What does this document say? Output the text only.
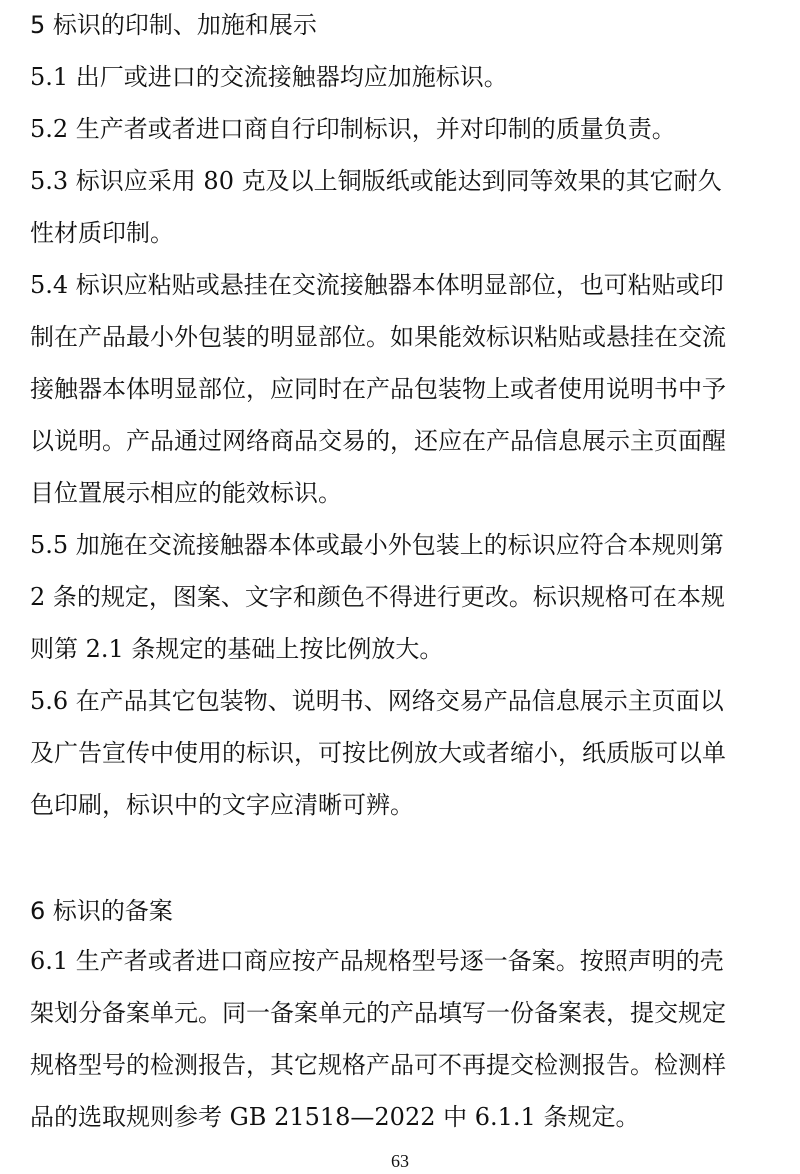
5 标识的印制、加施和展示
5.1 出厂或进口的交流接触器均应加施标识。
5.2 生产者或者进口商自行印制标识，并对印制的质量负责。
5.3 标识应采用 80 克及以上铜版纸或能达到同等效果的其它耐久
性材质印制。
5.4 标识应粘贴或悬挂在交流接触器本体明显部位，也可粘贴或印
制在产品最小外包装的明显部位。如果能效标识粘贴或悬挂在交流
接触器本体明显部位，应同时在产品包装物上或者使用说明书中予
以说明。产品通过网络商品交易的，还应在产品信息展示主页面醒
目位置展示相应的能效标识。
5.5 加施在交流接触器本体或最小外包装上的标识应符合本规则第
2 条的规定，图案、文字和颜色不得进行更改。标识规格可在本规
则第 2.1 条规定的基础上按比例放大。
5.6 在产品其它包装物、说明书、网络交易产品信息展示主页面以
及广告宣传中使用的标识，可按比例放大或者缩小，纸质版可以单
色印刷，标识中的文字应清晰可辨。
6 标识的备案
6.1 生产者或者进口商应按产品规格型号逐一备案。按照声明的壳
架划分备案单元。同一备案单元的产品填写一份备案表，提交规定
规格型号的检测报告，其它规格产品可不再提交检测报告。检测样
品的选取规则参考 GB 21518—2022 中 6.1.1 条规定。
63
